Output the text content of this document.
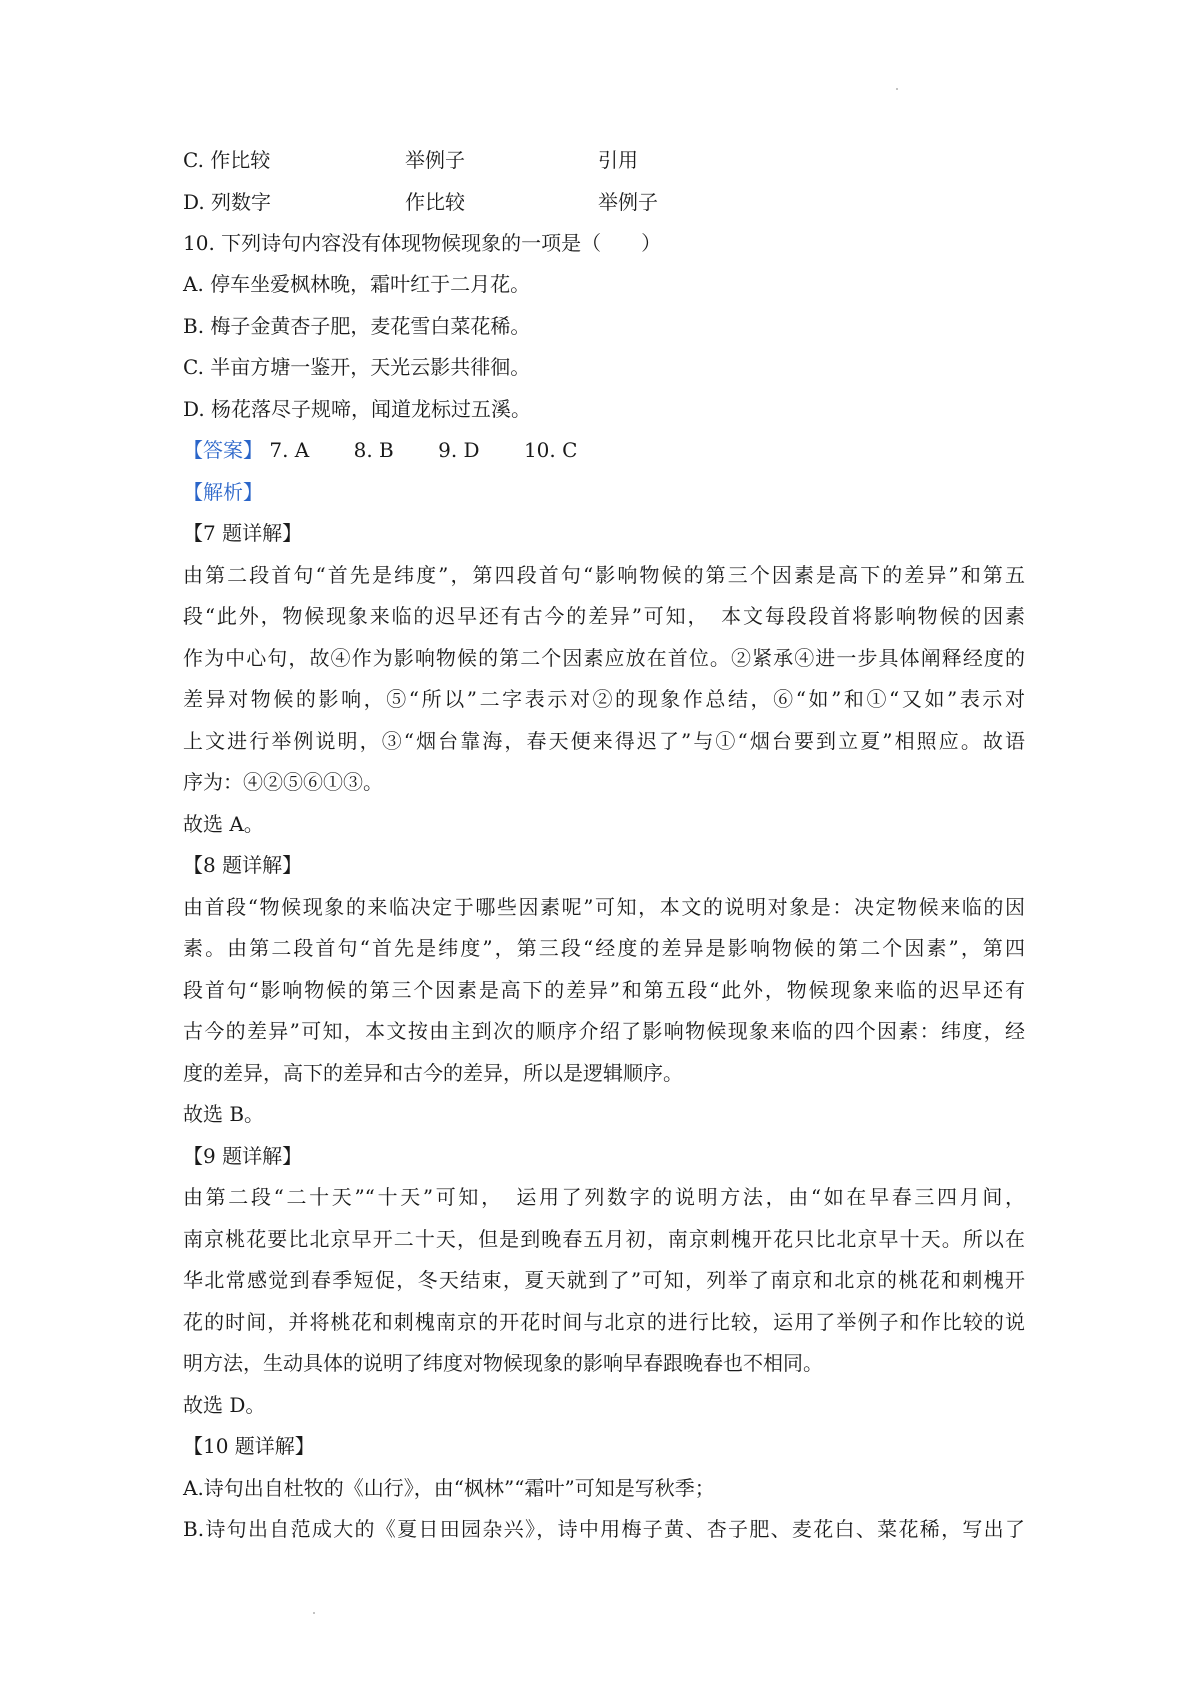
C. 作比较	举例子	引用
D. 列数字	作比较	举例子
10. 下列诗句内容没有体现物候现象的一项是（　　）
A. 停车坐爱枫林晚，霜叶红于二月花。
B. 梅子金黄杏子肥，麦花雪白菜花稀。
C. 半亩方塘一鉴开，天光云影共徘徊。
D. 杨花落尽子规啼，闻道龙标过五溪。
【答案】 7. A 8. B 9. D 10. C
【解析】
【7 题详解】
由第二段首句“首先是纬度”，第四段首句“影响物候的第三个因素是高下的差异”和第五
段“此外，物候现象来临的迟早还有古今的差异”可知，　本文每段段首将影响物候的因素
作为中心句，故④作为影响物候的第二个因素应放在首位。②紧承④进一步具体阐释经度的
差异对物候的影响，⑤“所以”二字表示对②的现象作总结，⑥“如”和①“又如”表示对
上文进行举例说明，③“烟台靠海，春天便来得迟了”与①“烟台要到立夏”相照应。故语
序为：④②⑤⑥①③。
故选 A。
【8 题详解】
由首段“物候现象的来临决定于哪些因素呢”可知，本文的说明对象是：决定物候来临的因
素。由第二段首句“首先是纬度”，第三段“经度的差异是影响物候的第二个因素”，第四
段首句“影响物候的第三个因素是高下的差异”和第五段“此外，物候现象来临的迟早还有
古今的差异”可知，本文按由主到次的顺序介绍了影响物候现象来临的四个因素：纬度，经
度的差异，高下的差异和古今的差异，所以是逻辑顺序。
故选 B。
【9 题详解】
由第二段“二十天”“十天”可知，　运用了列数字的说明方法，由“如在早春三四月间，
南京桃花要比北京早开二十天，但是到晚春五月初，南京刺槐开花只比北京早十天。所以在
华北常感觉到春季短促，冬天结束，夏天就到了”可知，列举了南京和北京的桃花和刺槐开
花的时间，并将桃花和刺槐南京的开花时间与北京的进行比较，运用了举例子和作比较的说
明方法，生动具体的说明了纬度对物候现象的影响早春跟晚春也不相同。
故选 D。
【10 题详解】
A.诗句出自杜牧的《山行》，由“枫林”“霜叶”可知是写秋季；
B.诗句出自范成大的《夏日田园杂兴》，诗中用梅子黄、杏子肥、麦花白、菜花稀，写出了
